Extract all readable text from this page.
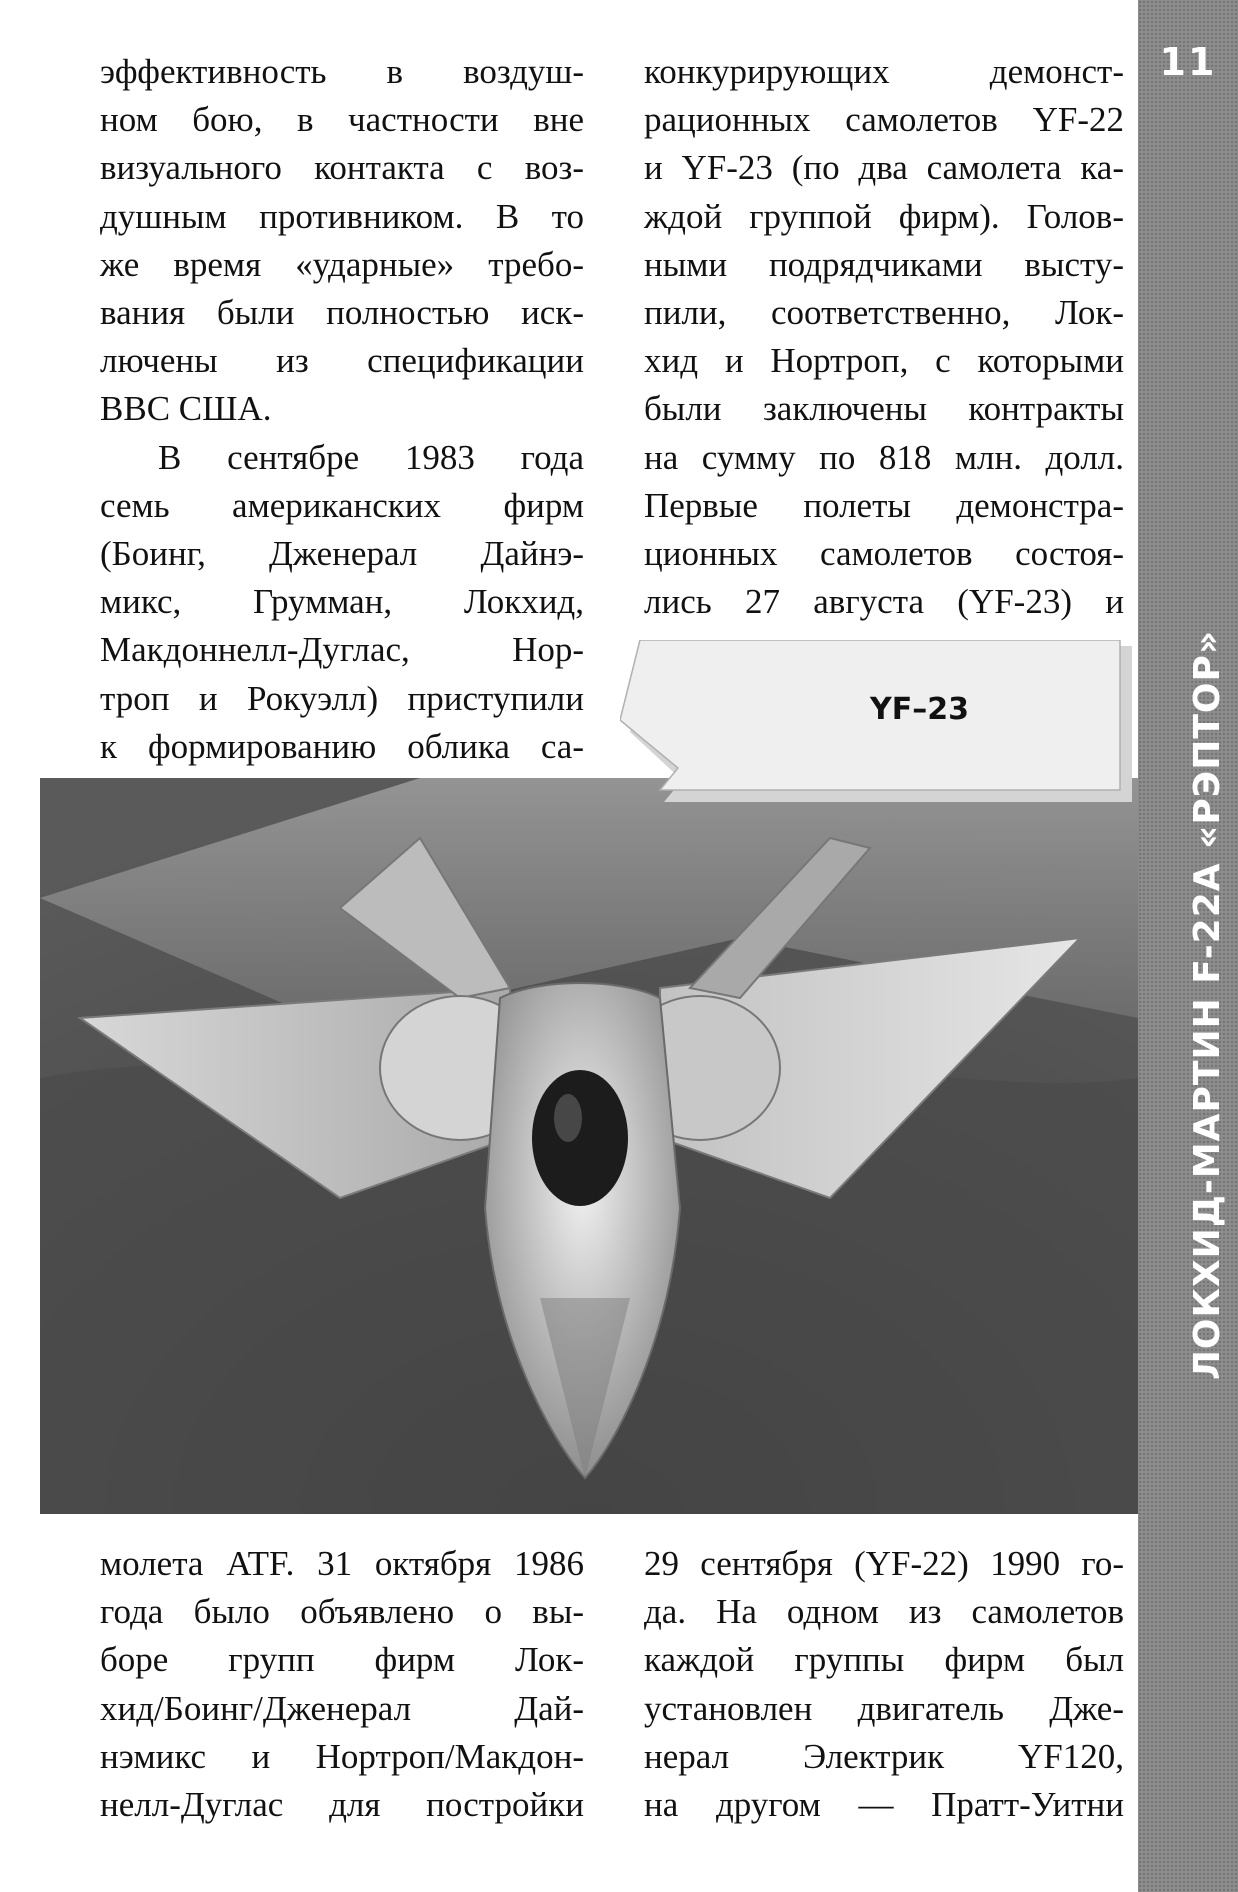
11
ЛОКХИД-МАРТИН F-22A «РЭПТОР»
эффективность в воздуш-
ном бою, в частности вне
визуального контакта с воз-
душным противником. В то
же время «ударные» требо-
вания были полностью иск-
лючены из спецификации
ВВС США.
В сентябре 1983 года
семь американских фирм
(Боинг, Дженерал Дайнэ-
микс, Грумман, Локхид,
Макдоннелл-Дуглас, Нор-
троп и Рокуэлл) приступили
к формированию облика са-
конкурирующих демонст-
рационных самолетов YF-22
и YF-23 (по два самолета ка-
ждой группой фирм). Голов-
ными подрядчиками высту-
пили, соответственно, Лок-
хид и Нортроп, с которыми
были заключены контракты
на сумму по 818 млн. долл.
Первые полеты демонстра-
ционных самолетов состоя-
лись 27 августа (YF-23) и
YF–23
молета ATF. 31 октября 1986
года было объявлено о вы-
боре групп фирм Лок-
хид/Боинг/Дженерал Дай-
нэмикс и Нортроп/Макдон-
нелл-Дуглас для постройки
29 сентября (YF-22) 1990 го-
да. На одном из самолетов
каждой группы фирм был
установлен двигатель Дже-
нерал Электрик YF120,
на другом — Пратт-Уитни
